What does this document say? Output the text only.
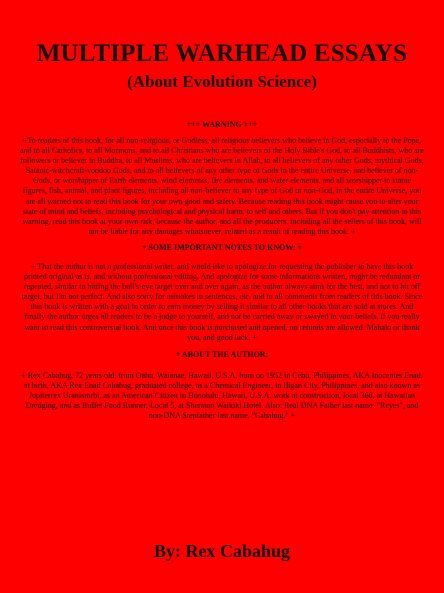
MULTIPLE WARHEAD ESSAYS
(About Evolution Science)

+++ WARNING +++

+To readers of this book, for all non-religious, or Godless, all religious believers who believe in God, especially to the Pope, and to all Catholics, to all Mormons, and to all Christians who are believers of the Holy Bible's God, to all Buddhists, who are followers or believer in Buddha, to all Muslims, who are believers in Allah, to all believers of any other Gods, mythical Gods, Satanic-witchcraft-voodoo Gods, and to all believers of any other type of Gods in the entire Universe, and believer of non-Gods, or worshipper of Earth elements, wind elements, fire elements, and water elements, and all worshipper to statue figures, fish, animal, and plant figures, including all non-believer to any type of God or non-God, in the entire Universe, you are all warned not to read this book for your own good and safety. Because reading this book might cause you to alter your state of mind and beliefs, including psychological and physical harm, to self and others. But if you don't pay attention to this warning, read this book at your own risk, because the author, and all the producers, including all the sellers of this book, will not be liable for any damages whatsoever, related as a result of reading this book. +

+ SOME IMPORTANT NOTES TO KNOW: +

+ That the author is not a professional writer, and would like to apologize for requesting the publisher to have this book printed original as is, and without professional editing. And apologize for some informations written, might be redundant or repeated, similar to hitting the bull's-eye target over and over again, as the author always aims for the best, and not to hit off target, but I'm not perfect. And also sorry for mistakes in sentences, etc. and to all comments from readers of this book. Since this book is written with a goal in order to earn money by selling it similar to all other books that are sold at stores. And finally the author urges all readers to be a judge to yourself, and not be carried away or swayed in your beliefs, if you really want to read this controversial book. And once this book is purchased and opened, no refunds are allowed. Mahalo or thank you, and good luck. +

+ ABOUT THE AUTHOR:

+ Rex Cabahug, 72 years old, from Oahu, Waianae, Hawaii, U.S.A, born on 1952 in Cebu, Philippines, AKA Inocentes Enad, at birth, AKA Rex Enad Cabahug, graduated college, as a Chemical Engineer, in Iligan City, Philippines, and also known as Jupiterrex Uranismrbi, as an American Citizen in Honolulu, Hawaii, U.S.A. work at construction, local 368, at Hawaiian Dredging, and as Buffet Food Runner, Local 5, at Sheraton Waikiki Hotel. Also: Real DNA Father last name: "Reyes", and non-DNA Stepfather last name, "Cabahug." +

By: Rex Cabahug
